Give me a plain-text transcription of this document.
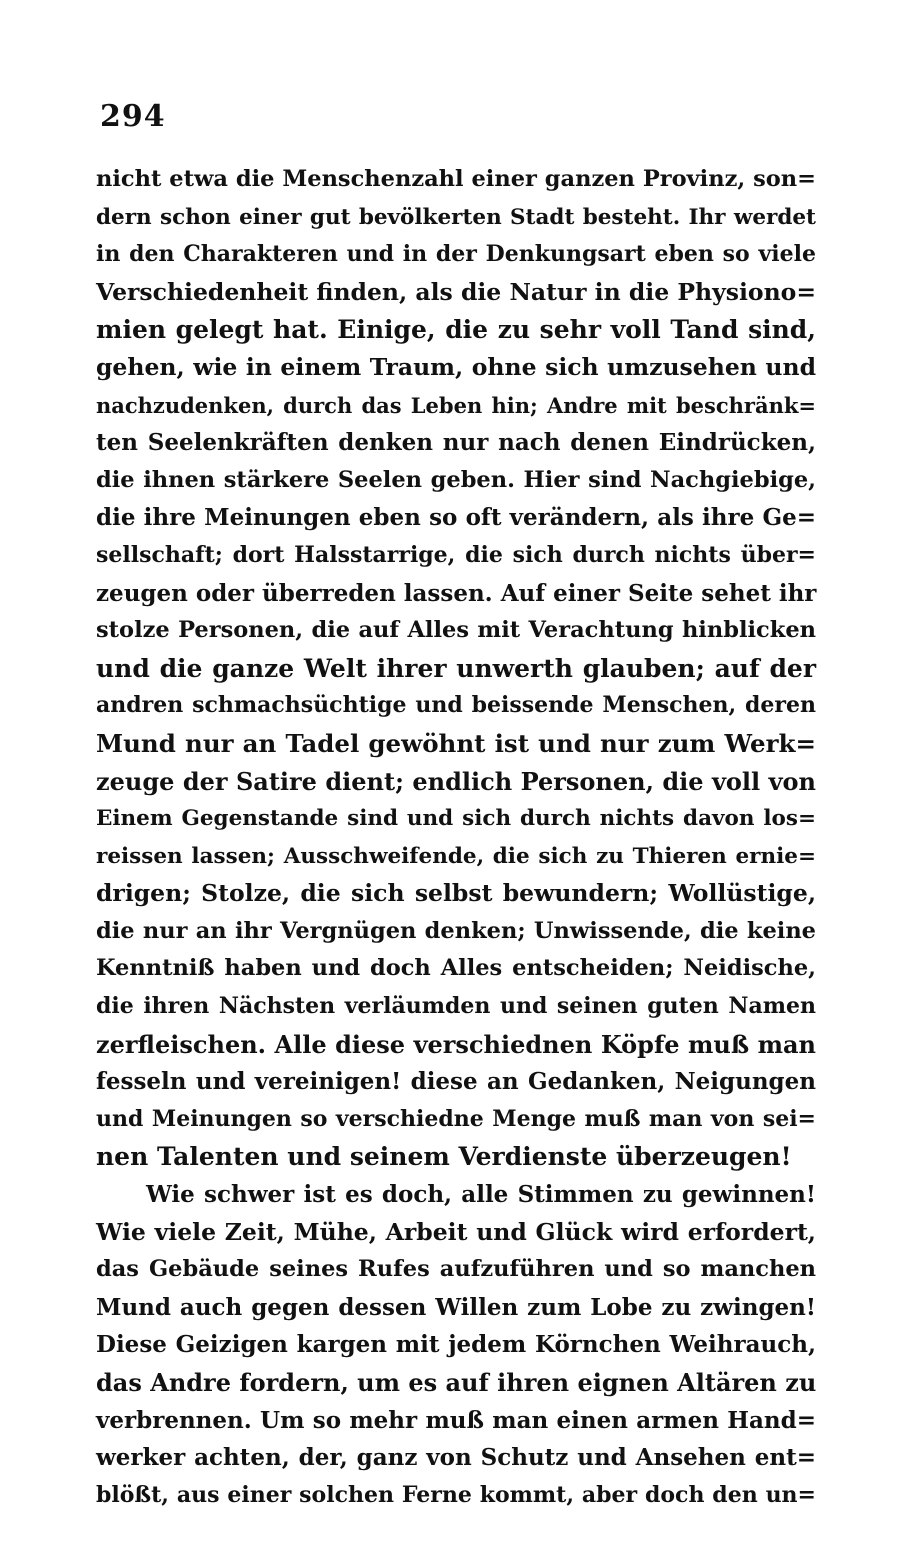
294
nicht etwa die Menschenzahl einer ganzen Provinz, son=
dern schon einer gut bevölkerten Stadt besteht. Ihr werdet
in den Charakteren und in der Denkungsart eben so viele
Verschiedenheit finden, als die Natur in die Physiono=
mien gelegt hat. Einige, die zu sehr voll Tand sind,
gehen, wie in einem Traum, ohne sich umzusehen und
nachzudenken, durch das Leben hin; Andre mit beschränk=
ten Seelenkräften denken nur nach denen Eindrücken,
die ihnen stärkere Seelen geben. Hier sind Nachgiebige,
die ihre Meinungen eben so oft verändern, als ihre Ge=
sellschaft; dort Halsstarrige, die sich durch nichts über=
zeugen oder überreden lassen. Auf einer Seite sehet ihr
stolze Personen, die auf Alles mit Verachtung hinblicken
und die ganze Welt ihrer unwerth glauben; auf der
andren schmachsüchtige und beissende Menschen, deren
Mund nur an Tadel gewöhnt ist und nur zum Werk=
zeuge der Satire dient; endlich Personen, die voll von
Einem Gegenstande sind und sich durch nichts davon los=
reissen lassen; Ausschweifende, die sich zu Thieren ernie=
drigen; Stolze, die sich selbst bewundern; Wollüstige,
die nur an ihr Vergnügen denken; Unwissende, die keine
Kenntniß haben und doch Alles entscheiden; Neidische,
die ihren Nächsten verläumden und seinen guten Namen
zerfleischen. Alle diese verschiednen Köpfe muß man
fesseln und vereinigen! diese an Gedanken, Neigungen
und Meinungen so verschiedne Menge muß man von sei=
nen Talenten und seinem Verdienste überzeugen!
Wie schwer ist es doch, alle Stimmen zu gewinnen!
Wie viele Zeit, Mühe, Arbeit und Glück wird erfordert,
das Gebäude seines Rufes aufzuführen und so manchen
Mund auch gegen dessen Willen zum Lobe zu zwingen!
Diese Geizigen kargen mit jedem Körnchen Weihrauch,
das Andre fordern, um es auf ihren eignen Altären zu
verbrennen. Um so mehr muß man einen armen Hand=
werker achten, der, ganz von Schutz und Ansehen ent=
blößt, aus einer solchen Ferne kommt, aber doch den un=
